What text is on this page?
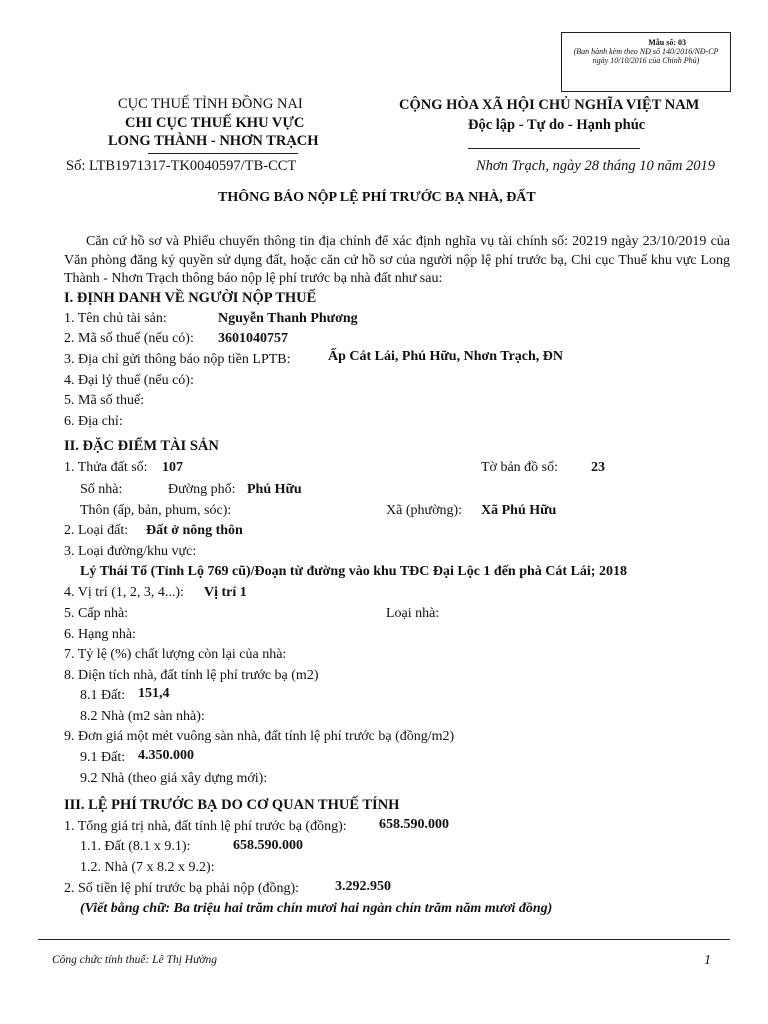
Mẫu số: 03
(Ban hành kèm theo NĐ số 140/2016/NĐ-CP ngày 10/10/2016 của Chính Phủ)
CỤC THUẾ TỈNH ĐỒNG NAI
CHI CỤC THUẾ KHU VỰC
LONG THÀNH - NHƠN TRẠCH
Số: LTB1971317-TK0040597/TB-CCT
CỘNG HÒA XÃ HỘI CHỦ NGHĨA VIỆT NAM
Độc lập - Tự do - Hạnh phúc
Nhơn Trạch, ngày 28 tháng 10 năm 2019
THÔNG BÁO NỘP LỆ PHÍ TRƯỚC BẠ NHÀ, ĐẤT
Căn cứ hồ sơ và Phiếu chuyển thông tin địa chính để xác định nghĩa vụ tài chính số: 20219 ngày 23/10/2019 của Văn phòng đăng ký quyền sử dụng đất, hoặc căn cứ hồ sơ của người nộp lệ phí trước bạ, Chi cục Thuế khu vực Long Thành - Nhơn Trạch thông báo nộp lệ phí trước bạ nhà đất như sau:
I. ĐỊNH DANH VỀ NGƯỜI NỘP THUẾ
1. Tên chủ tài sản:	Nguyễn Thanh Phương
2. Mã số thuế (nếu có): 3601040757
3. Địa chỉ gửi thông báo nộp tiền LPTB:	Ấp Cát Lái, Phú Hữu, Nhơn Trạch, ĐN
4. Đại lý thuế (nếu có):
5. Mã số thuế:
6. Địa chỉ:
II. ĐẶC ĐIỂM TÀI SẢN
1. Thửa đất số: 107	Tờ bản đồ số: 23
Số nhà:	Đường phố: Phú Hữu
Thôn (ấp, bản, phum, sóc):	Xã (phường): Xã Phú Hữu
2. Loại đất: Đất ở nông thôn
3. Loại đường/khu vực:
Lý Thái Tổ (Tỉnh Lộ 769 cũ)/Đoạn từ đường vào khu TĐC Đại Lộc 1 đến phà Cát Lái; 2018
4. Vị trí (1, 2, 3, 4...): Vị trí 1
5. Cấp nhà:	Loại nhà:
6. Hạng nhà:
7. Tỷ lệ (%) chất lượng còn lại của nhà:
8. Diện tích nhà, đất tính lệ phí trước bạ (m2)
8.1 Đất: 151,4
8.2 Nhà (m2 sàn nhà):
9. Đơn giá một mét vuông sàn nhà, đất tính lệ phí trước bạ (đồng/m2)
9.1 Đất: 4.350.000
9.2 Nhà (theo giá xây dựng mới):
III. LỆ PHÍ TRƯỚC BẠ DO CƠ QUAN THUẾ TÍNH
1. Tổng giá trị nhà, đất tính lệ phí trước bạ (đồng): 658.590.000
1.1. Đất (8.1 x 9.1):	658.590.000
1.2. Nhà (7 x 8.2 x 9.2):
2. Số tiền lệ phí trước bạ phải nộp (đồng):	3.292.950
(Viết bằng chữ: Ba triệu hai trăm chín mươi hai ngàn chín trăm năm mươi đồng)
Công chức tính thuế: Lê Thị Hường	1
